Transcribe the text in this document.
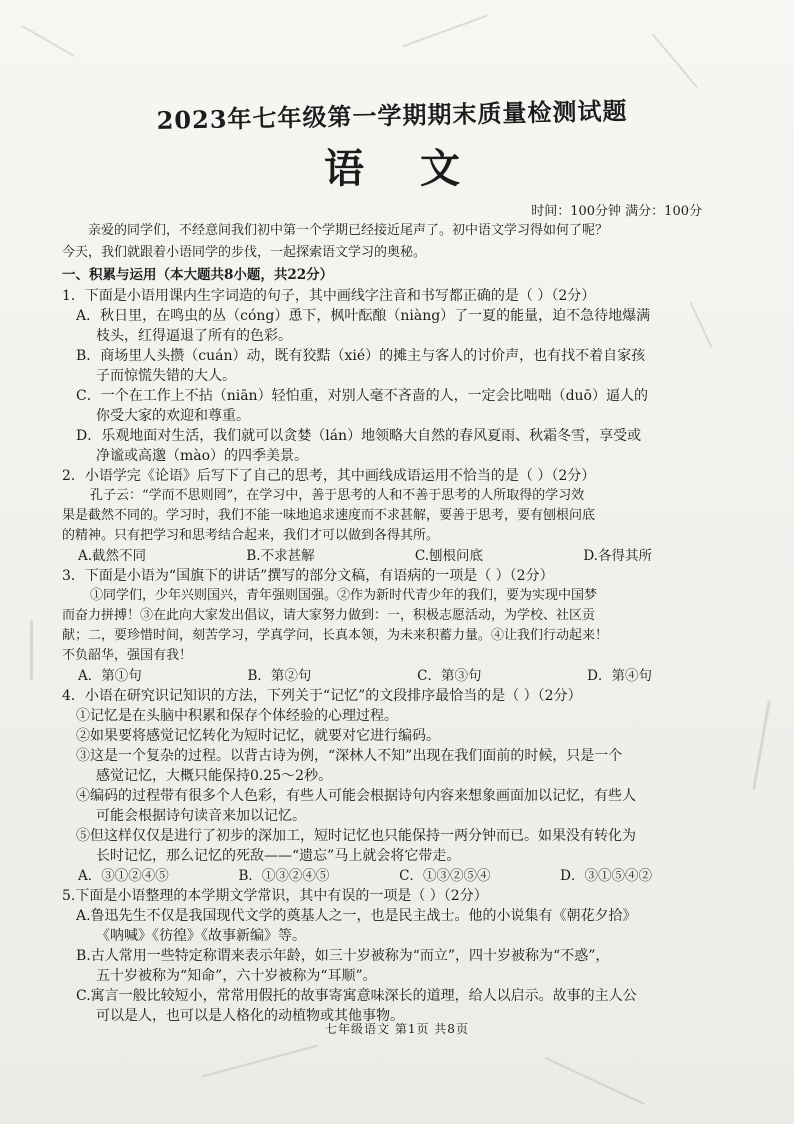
2023年七年级第一学期期末质量检测试题

语文

时间：100分钟 满分：100分

亲爱的同学们，不经意间我们初中第一个学期已经接近尾声了。初中语文学习得如何了呢？

今天，我们就跟着小语同学的步伐，一起探索语文学习的奥秘。

一、积累与运用（本大题共8小题，共22分）

1．下面是小语用课内生字词造的句子，其中画线字注音和书写都正确的是（ ）（2分）

A．秋日里，在鸣虫的丛（cóng）恿下，枫叶酝酿（niàng）了一夏的能量，迫不急待地爆满

枝头，红得逼退了所有的色彩。

B．商场里人头攒（cuán）动，既有狡黠（xié）的摊主与客人的讨价声，也有找不着自家孩

子而惊慌失错的大人。

C．一个在工作上不拈（niān）轻怕重，对别人毫不吝啬的人，一定会比咄咄（duō）逼人的

你受大家的欢迎和尊重。

D．乐观地面对生活，我们就可以贪婪（lán）地领略大自然的春风夏雨、秋霜冬雪，享受或

净谧或高邈（mào）的四季美景。

2．小语学完《论语》后写下了自己的思考，其中画线成语运用不恰当的是（ ）（2分）

孔子云：“学而不思则罔”，在学习中，善于思考的人和不善于思考的人所取得的学习效

果是截然不同的。学习时，我们不能一味地追求速度而不求甚解，要善于思考，要有刨根问底

的精神。只有把学习和思考结合起来，我们才可以做到各得其所。

A.截然不同	B.不求甚解	C.刨根问底	D.各得其所

3．下面是小语为“国旗下的讲话”撰写的部分文稿，有语病的一项是（ ）（2分）

①同学们，少年兴则国兴，青年强则国强。②作为新时代青少年的我们，要为实现中国梦

而奋力拼搏！③在此向大家发出倡议，请大家努力做到：一，积极志愿活动，为学校、社区贡

献；二，要珍惜时间，刻苦学习，学真学问，长真本领，为未来积蓄力量。④让我们行动起来！

不负韶华，强国有我！

A．第①句	B．第②句	C．第③句	D．第④句

4．小语在研究识记知识的方法，下列关于“记忆”的文段排序最恰当的是（ ）（2分）

①记忆是在头脑中积累和保存个体经验的心理过程。

②如果要将感觉记忆转化为短时记忆，就要对它进行编码。

③这是一个复杂的过程。以背古诗为例，“深林人不知”出现在我们面前的时候，只是一个

感觉记忆，大概只能保持0.25～2秒。

④编码的过程带有很多个人色彩，有些人可能会根据诗句内容来想象画面加以记忆，有些人

可能会根据诗句读音来加以记忆。

⑤但这样仅仅是进行了初步的深加工，短时记忆也只能保持一两分钟而已。如果没有转化为

长时记忆，那么记忆的死敌——“遗忘”马上就会将它带走。

A．③①②④⑤	B．①③②④⑤	C．①③②⑤④	D．③①⑤④②

5.下面是小语整理的本学期文学常识，其中有误的一项是（ ）（2分）

A.鲁迅先生不仅是我国现代文学的奠基人之一，也是民主战士。他的小说集有《朝花夕拾》

《呐喊》《彷徨》《故事新编》等。

B.古人常用一些特定称谓来表示年龄，如三十岁被称为“而立”，四十岁被称为“不惑”，

五十岁被称为“知命”，六十岁被称为“耳顺”。

C.寓言一般比较短小，常常用假托的故事寄寓意味深长的道理，给人以启示。故事的主人公

可以是人，也可以是人格化的动植物或其他事物。

七年级语文 第1页 共8页
